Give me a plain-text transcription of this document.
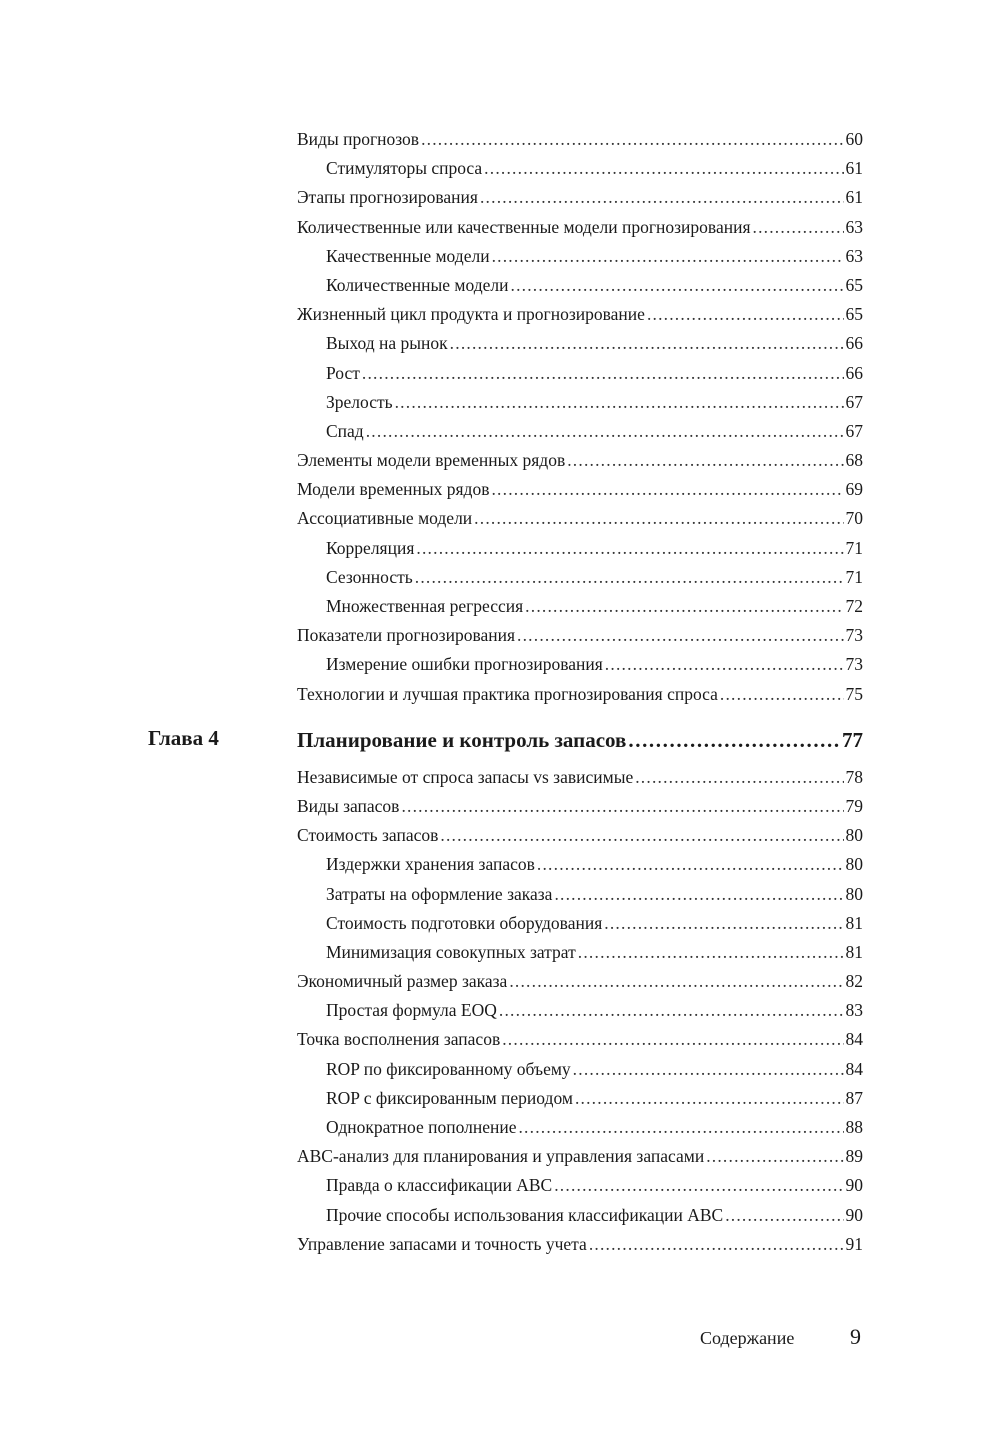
Виды прогнозов .....	60
Стимуляторы спроса .....	61
Этапы прогнозирования .....	61
Количественные или качественные модели прогнозирования .....	63
Качественные модели .....	63
Количественные модели .....	65
Жизненный цикл продукта и прогнозирование .....	65
Выход на рынок .....	66
Рост .....	66
Зрелость .....	67
Спад .....	67
Элементы модели временных рядов .....	68
Модели временных рядов .....	69
Ассоциативные модели .....	70
Корреляция .....	71
Сезонность .....	71
Множественная регрессия .....	72
Показатели прогнозирования .....	73
Измерение ошибки прогнозирования .....	73
Технологии и лучшая практика прогнозирования спроса .....	75
Планирование и контроль запасов .....	77
Независимые от спроса запасы vs зависимые .....	78
Виды запасов .....	79
Стоимость запасов .....	80
Издержки хранения запасов .....	80
Затраты на оформление заказа .....	80
Стоимость подготовки оборудования .....	81
Минимизация совокупных затрат .....	81
Экономичный размер заказа .....	82
Простая формула EOQ .....	83
Точка восполнения запасов .....	84
ROP по фиксированному объему .....	84
ROP с фиксированным периодом .....	87
Однократное пополнение .....	88
ABC-анализ для планирования и управления запасами .....	89
Правда о классификации ABC .....	90
Прочие способы использования классификации ABC .....	90
Управление запасами и точность учета .....	91
Глава 4
Содержание	9
